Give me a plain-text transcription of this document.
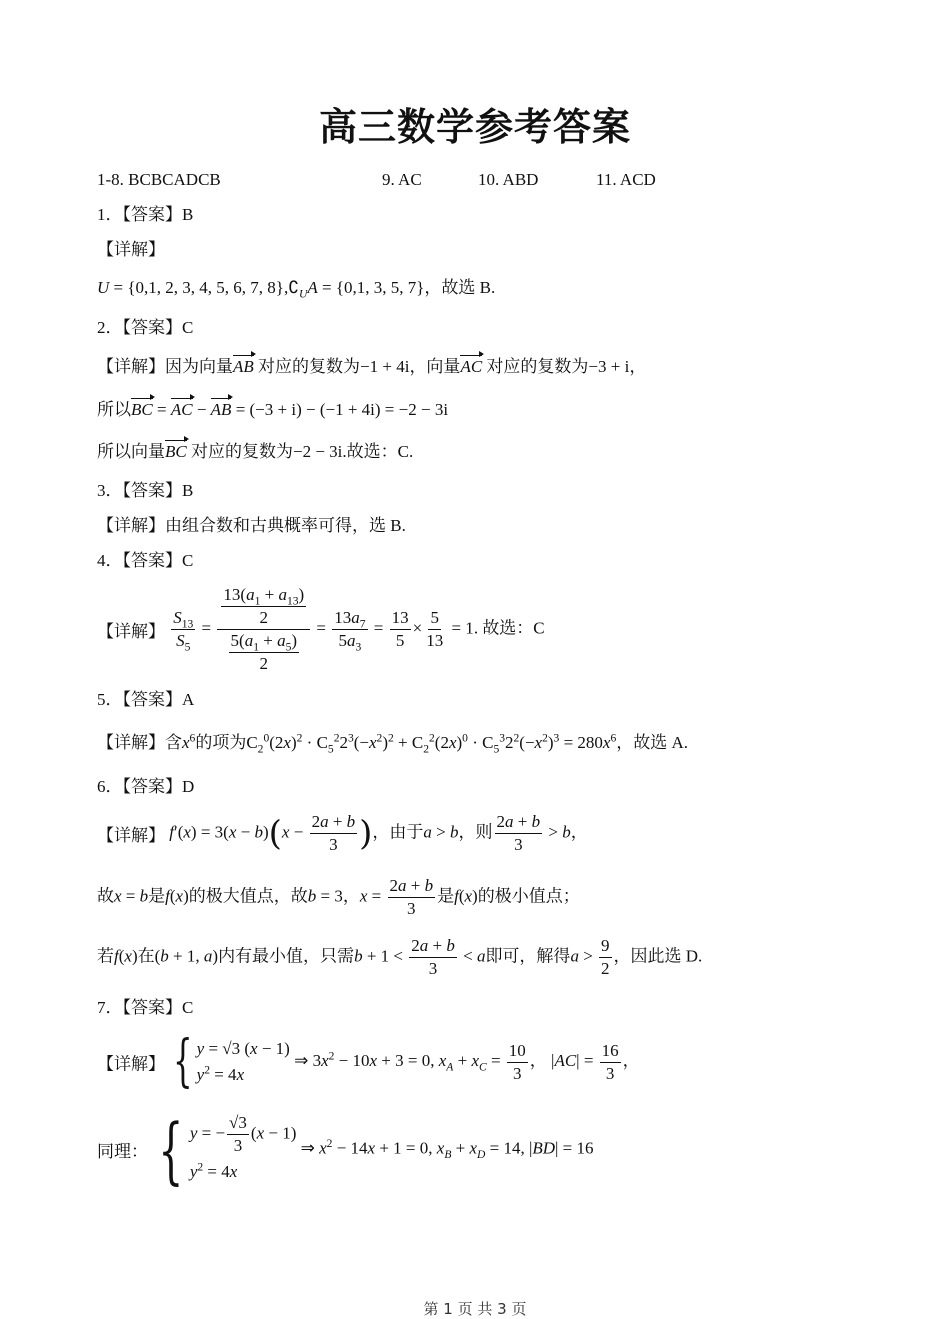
高三数学参考答案
1-8. BCBCADCB	9. AC	10. ABD	11. ACD
1．【答案】B
【详解】
U = {0,1, 2, 3, 4, 5, 6, 7, $8\},∁_UA = \{0,1$, 3, 5, 7}，故选 B.
2．【答案】C
【详解】因为向量AB 对应的复数为−1 + 4i，向量AC 对应的复数为−3 + i，
所以BC = AC − AB = (−3 + i) − (−1 + 4i) = −2 − 3i
所以向量BC 对应的复数为−2 − 3i.故选：C.
3．【答案】B
【详解】由组合数和古典概率可得，选 B.
4．【答案】C
【详解】 $\frac{S_{13}}{S_5} = \frac{\frac{13(a_1 + a_{13})}{2}}{\frac{5(a_1 + a_5)}{2}} = \frac{13a_7}{5a_3} = \frac{13}{5} \times \frac{5}{13} = 1$. 故选：C
5．【答案】A
【详解】含$x^6$的项为$C_2^0(2x)^2 \cdot C_5^22^3(-x^2)^2 + C_2^2(2x)^0 \cdot C_5^32^2(-x^2)^3 = 280x^6$，故选 A.
6．【答案】D
【详解】 $f'(x) = 3(x - b)(x - \frac{2a + b}{3}$ )，由于a > b，则 $\frac{2a + b}{3} > b$，
故x = b是f(x)的极大值点，故b = 3，$x = \frac{2a + b}{3}$ 是f(x)的极小值点；
若f(x)在(b + 1, a)内有最小值，只需$b + 1 < \frac{2a + b}{3} < a$即可，解得$a > \frac{9}{2}$ ，因此选 D.
7．【答案】C
【详解】 { y = √3 (x − 1)
$y^2 = 4x$
⇒ $3x^2 - 10x + 3 = 0$, $x_A + x_C = \frac{10}{3}$ ， $|AC| = \frac{16}{3}$ ，
同理： { y = − $\frac{√3}{3} (x - 1)$
$y^2 = 4x$
⇒ $x^2 - 14x + 1 = 0$, $x_B + x_D = 14$, |BD| = 16
第 1 页 共 3 页
